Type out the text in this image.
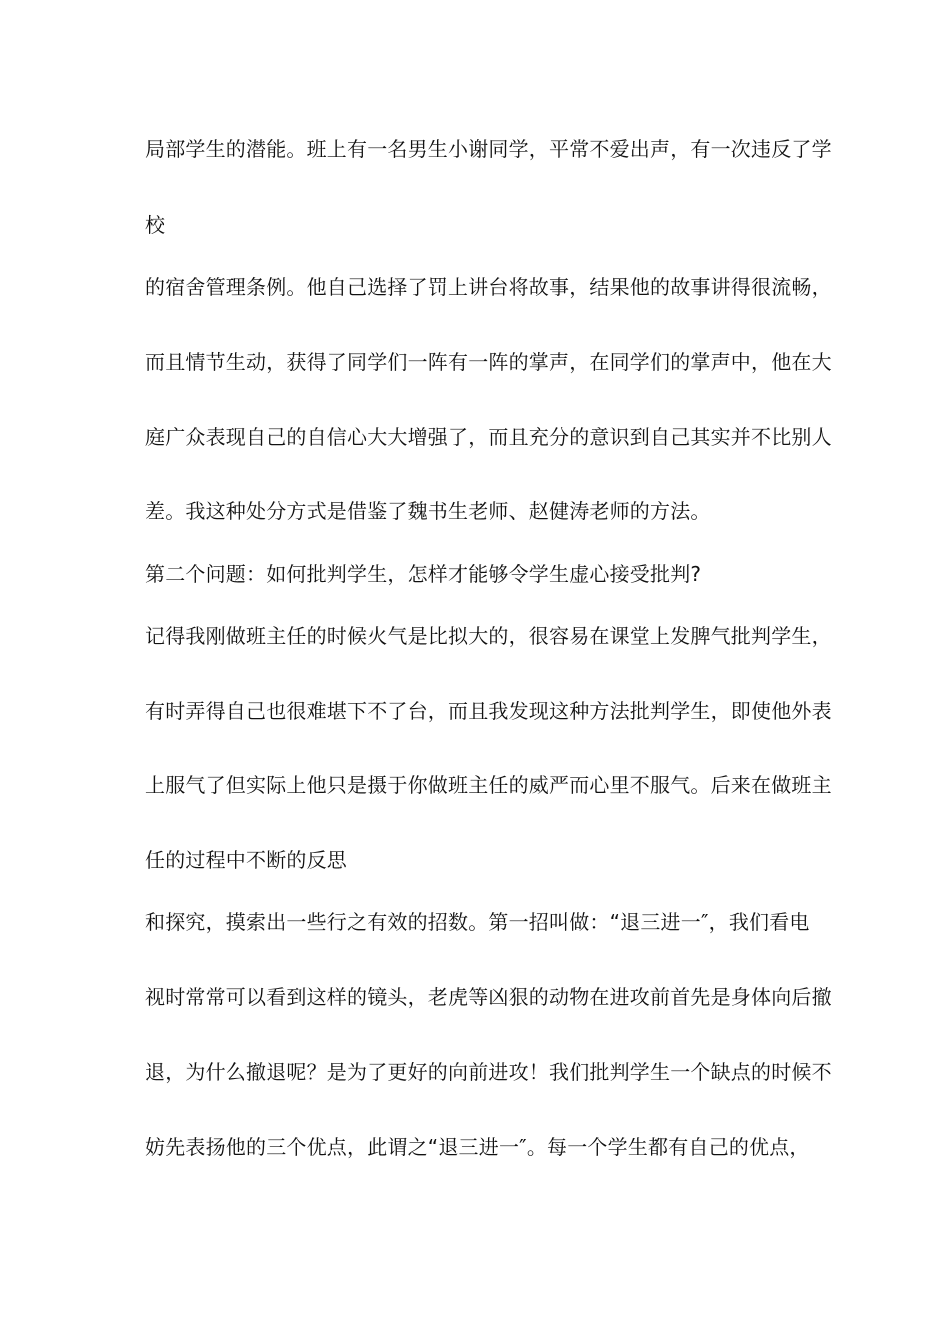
局部学生的潜能。班上有一名男生小谢同学，平常不爱出声，有一次违反了学

校

的宿舍管理条例。他自己选择了罚上讲台将故事，结果他的故事讲得很流畅，

而且情节生动，获得了同学们一阵有一阵的掌声，在同学们的掌声中，他在大

庭广众表现自己的自信心大大增强了，而且充分的意识到自己其实并不比别人

差。我这种处分方式是借鉴了魏书生老师、赵健涛老师的方法。

第二个问题：如何批判学生，怎样才能够令学生虚心接受批判?

记得我刚做班主任的时候火气是比拟大的，很容易在课堂上发脾气批判学生，

有时弄得自己也很难堪下不了台，而且我发现这种方法批判学生，即使他外表

上服气了但实际上他只是摄于你做班主任的威严而心里不服气。后来在做班主

任的过程中不断的反思

和探究，摸索出一些行之有效的招数。第一招叫做：“退三进一″，我们看电

视时常常可以看到这样的镜头，老虎等凶狠的动物在进攻前首先是身体向后撤

退，为什么撤退呢？是为了更好的向前进攻！我们批判学生一个缺点的时候不

妨先表扬他的三个优点，此谓之“退三进一″。每一个学生都有自己的优点，
